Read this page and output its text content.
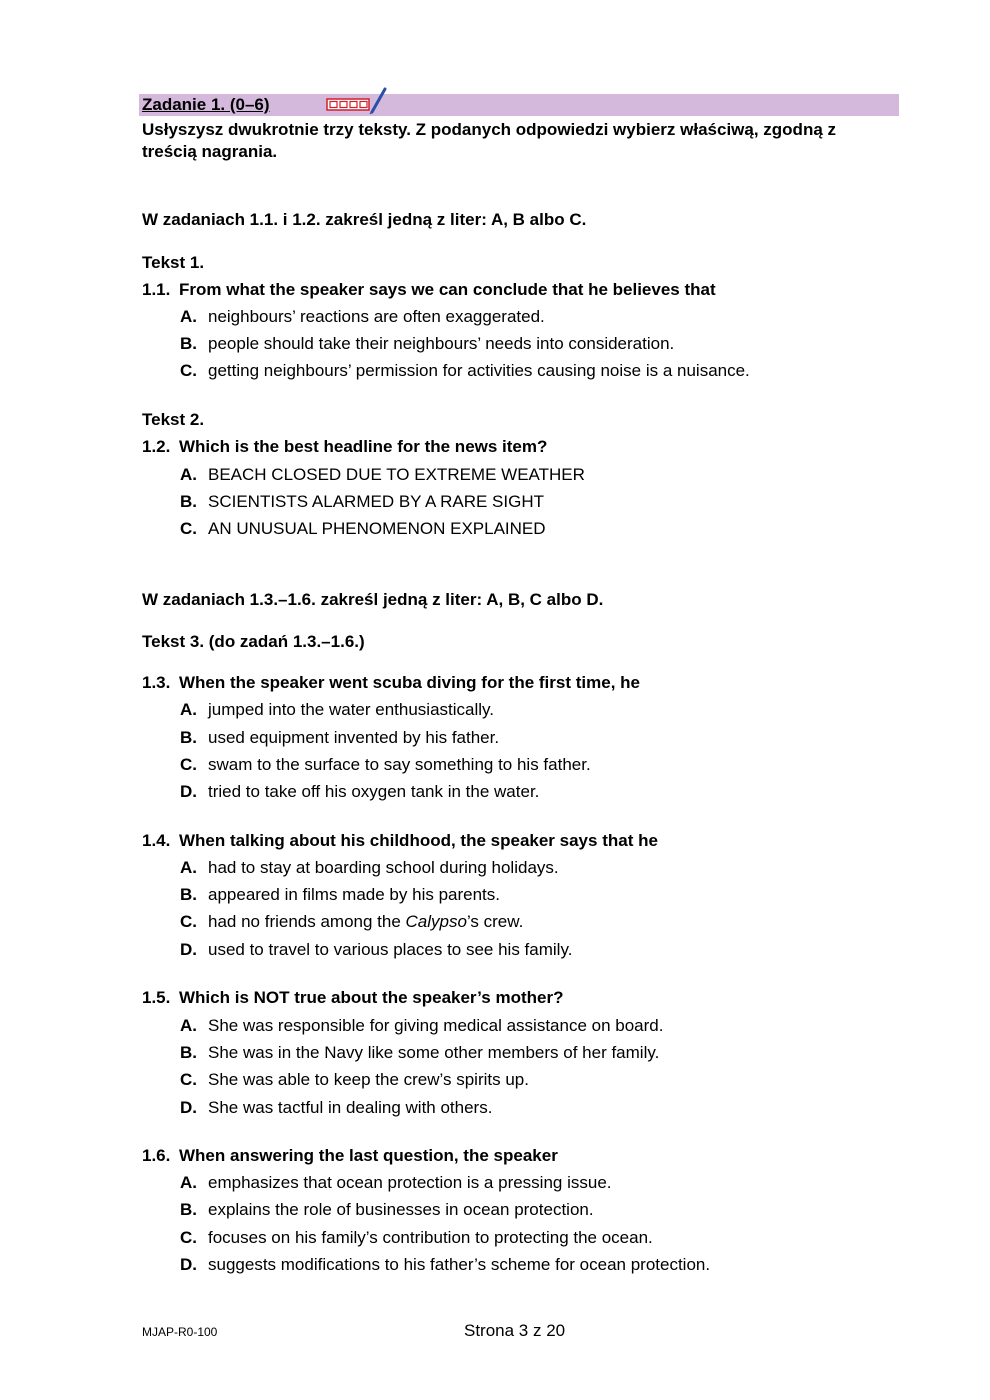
Zadanie 1. (0–6)
Usłyszysz dwukrotnie trzy teksty. Z podanych odpowiedzi wybierz właściwą, zgodną z treścią nagrania.
W zadaniach 1.1. i 1.2. zakreśl jedną z liter: A, B albo C.
Tekst 1.
1.1. From what the speaker says we can conclude that he believes that
A. neighbours’ reactions are often exaggerated.
B. people should take their neighbours’ needs into consideration.
C. getting neighbours’ permission for activities causing noise is a nuisance.
Tekst 2.
1.2. Which is the best headline for the news item?
A. BEACH CLOSED DUE TO EXTREME WEATHER
B. SCIENTISTS ALARMED BY A RARE SIGHT
C. AN UNUSUAL PHENOMENON EXPLAINED
W zadaniach 1.3.–1.6. zakreśl jedną z liter: A, B, C albo D.
Tekst 3. (do zadań 1.3.–1.6.)
1.3. When the speaker went scuba diving for the first time, he
A. jumped into the water enthusiastically.
B. used equipment invented by his father.
C. swam to the surface to say something to his father.
D. tried to take off his oxygen tank in the water.
1.4. When talking about his childhood, the speaker says that he
A. had to stay at boarding school during holidays.
B. appeared in films made by his parents.
C. had no friends among the Calypso’s crew.
D. used to travel to various places to see his family.
1.5. Which is NOT true about the speaker’s mother?
A. She was responsible for giving medical assistance on board.
B. She was in the Navy like some other members of her family.
C. She was able to keep the crew’s spirits up.
D. She was tactful in dealing with others.
1.6. When answering the last question, the speaker
A. emphasizes that ocean protection is a pressing issue.
B. explains the role of businesses in ocean protection.
C. focuses on his family’s contribution to protecting the ocean.
D. suggests modifications to his father’s scheme for ocean protection.
MJAP-R0-100	Strona 3 z 20
